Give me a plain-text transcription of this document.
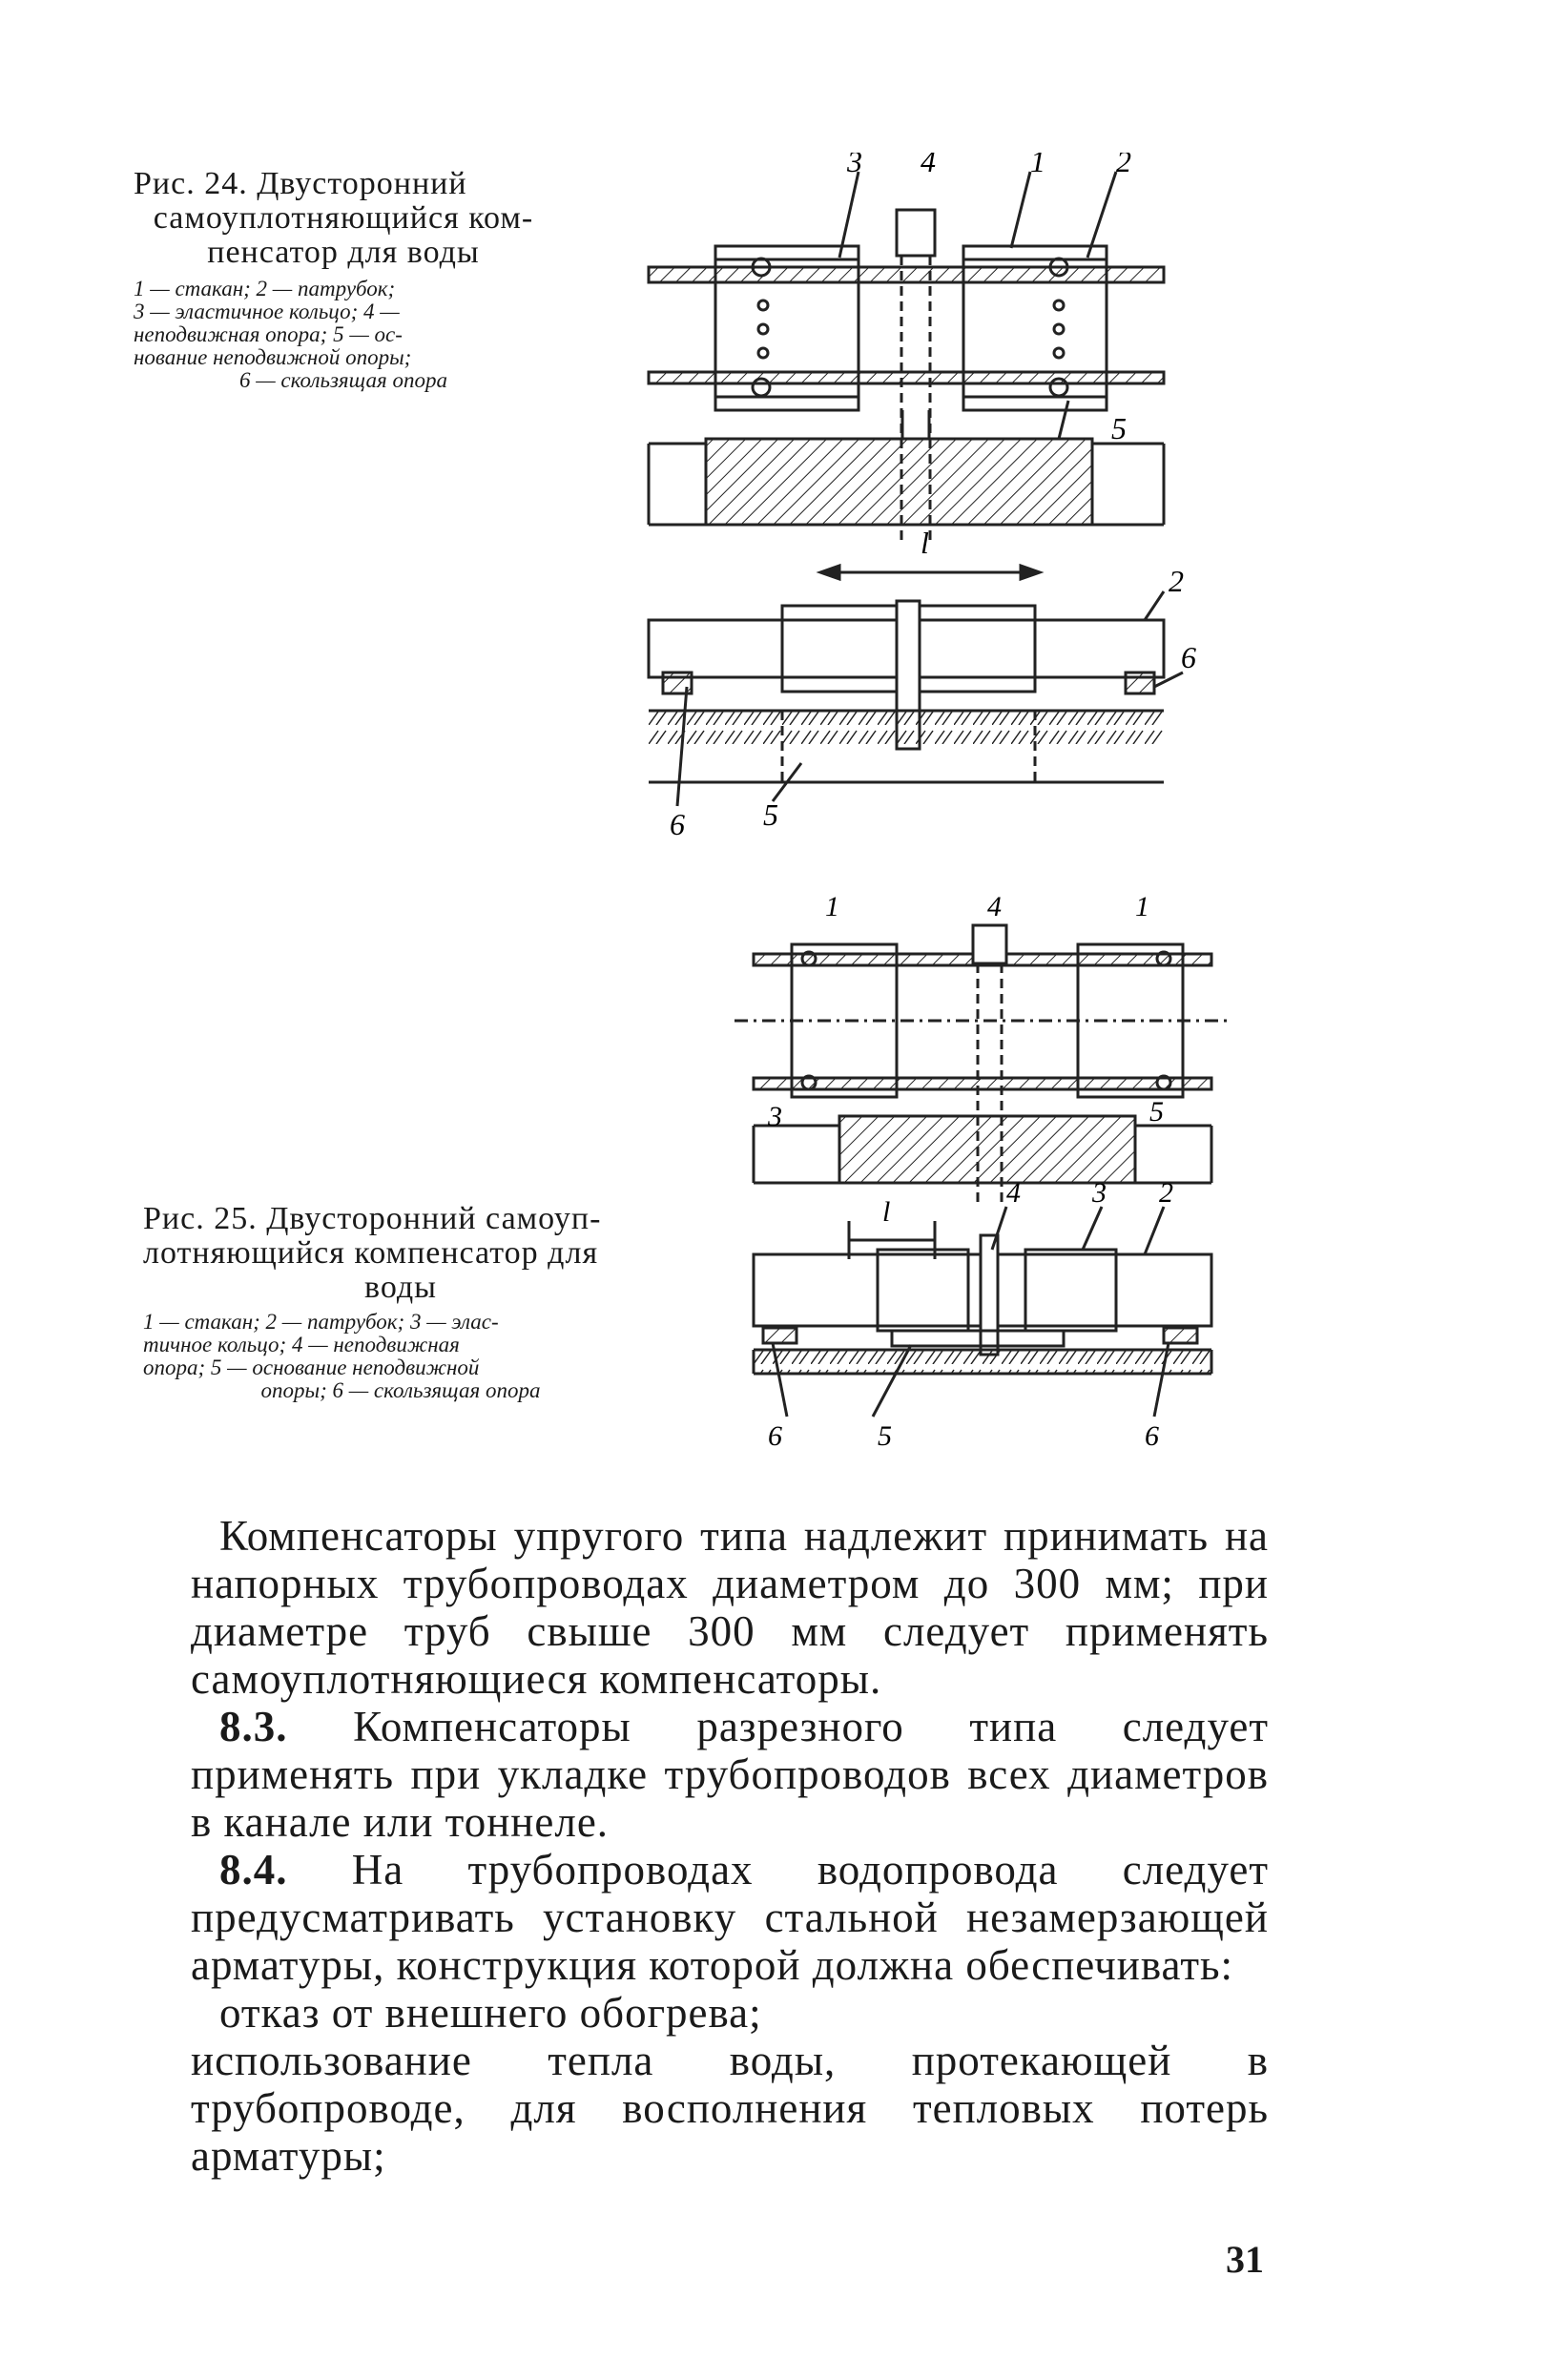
Рис. 24. Двусторонний
самоуплотняющийся ком-
пенсатор для воды
1 — стакан; 2 — патрубок;
3 — эластичное кольцо; 4 —
неподвижная опора; 5 — ос-
нование неподвижной опоры;
6 — скользящая опора
3 4	1 2
5
l
2
6
6	5
1	4	1
3	5
l
4	3 2
6	5	6
Рис. 25. Двусторонний самоуп-
лотняющийся компенсатор для
воды
1 — стакан; 2 — патрубок; 3 — элас-
тичное кольцо; 4 — неподвижная
опора; 5 — основание неподвижной
опоры; 6 — скользящая опора

Компенсаторы упругого типа надлежит принимать на напорных трубопроводах диаметром до 300 мм; при диаметре труб свыше 300 мм следует применять самоуплотняющиеся компенсаторы.

8.3. Компенсаторы разрезного типа следует применять при укладке трубопроводов всех диаметров в канале или тоннеле.

8.4. На трубопроводах водопровода следует предусматривать установку стальной незамерзающей арматуры, конструкция которой должна обеспечивать:

отказ от внешнего обогрева;

использование тепла воды, протекающей в трубопроводе, для восполнения тепловых потерь арматуры;

31
